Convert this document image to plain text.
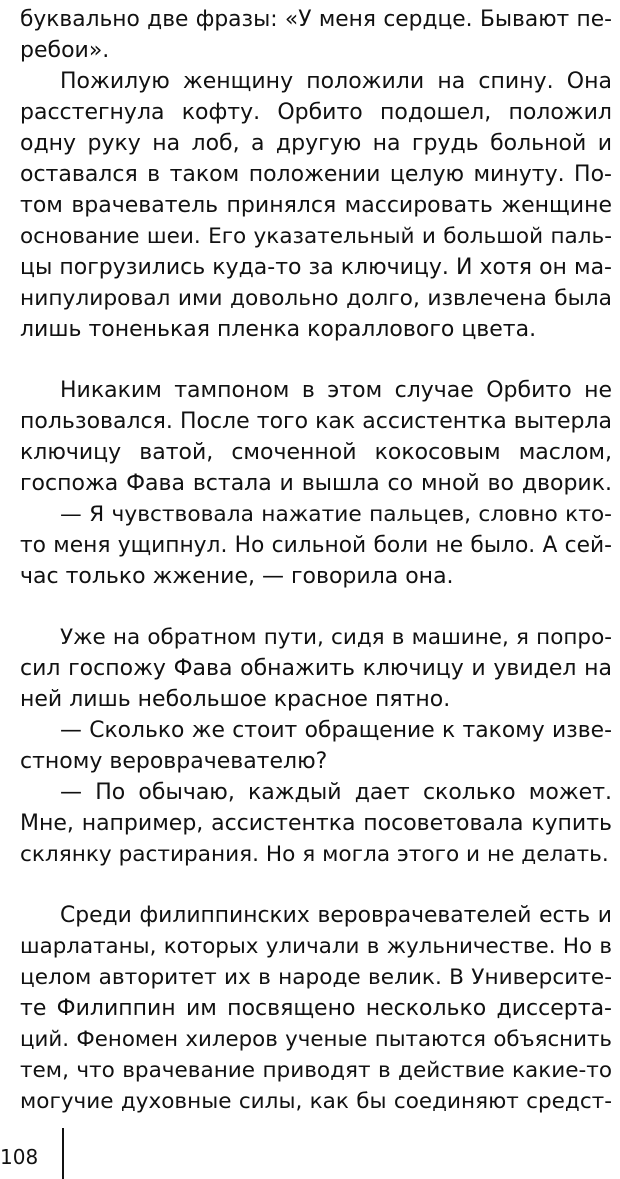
буквально две фразы: «У меня сердце. Бывают пе-
ребои».
Пожилую женщину положили на спину. Она
расстегнула кофту. Орбито подошел, положил
одну руку на лоб, а другую на грудь больной и
оставался в таком положении целую минуту. По-
том врачеватель принялся массировать женщине
основание шеи. Его указательный и большой паль-
цы погрузились куда-то за ключицу. И хотя он ма-
нипулировал ими довольно долго, извлечена была
лишь тоненькая пленка кораллового цвета.
Никаким тампоном в этом случае Орбито не
пользовался. После того как ассистентка вытерла
ключицу ватой, смоченной кокосовым маслом,
госпожа Фава встала и вышла со мной во дворик.
— Я чувствовала нажатие пальцев, словно кто-
то меня ущипнул. Но сильной боли не было. А сей-
час только жжение, — говорила она.
Уже на обратном пути, сидя в машине, я попро-
сил госпожу Фава обнажить ключицу и увидел на
ней лишь небольшое красное пятно.
— Сколько же стоит обращение к такому изве-
стному вероврачевателю?
— По обычаю, каждый дает сколько может.
Мне, например, ассистентка посоветовала купить
склянку растирания. Но я могла этого и не делать.
Среди филиппинских вероврачевателей есть и
шарлатаны, которых уличали в жульничестве. Но в
целом авторитет их в народе велик. В Университе-
те Филиппин им посвящено несколько диссерта-
ций. Феномен хилеров ученые пытаются объяснить
тем, что врачевание приводят в действие какие-то
могучие духовные силы, как бы соединяют средст-
108
